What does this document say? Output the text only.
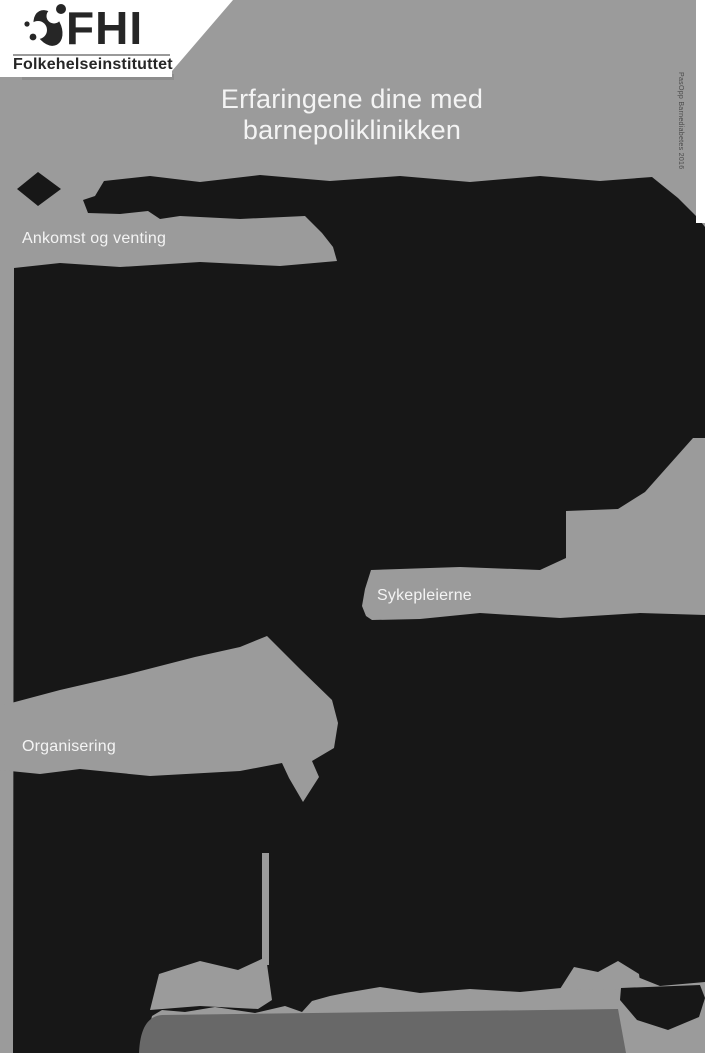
FHI
Folkehelseinstituttet
Erfaringene dine med
barnepoliklinikken
Ankomst og venting
Sykepleierne
Organisering
PasOpp Barnediabetes 2016
